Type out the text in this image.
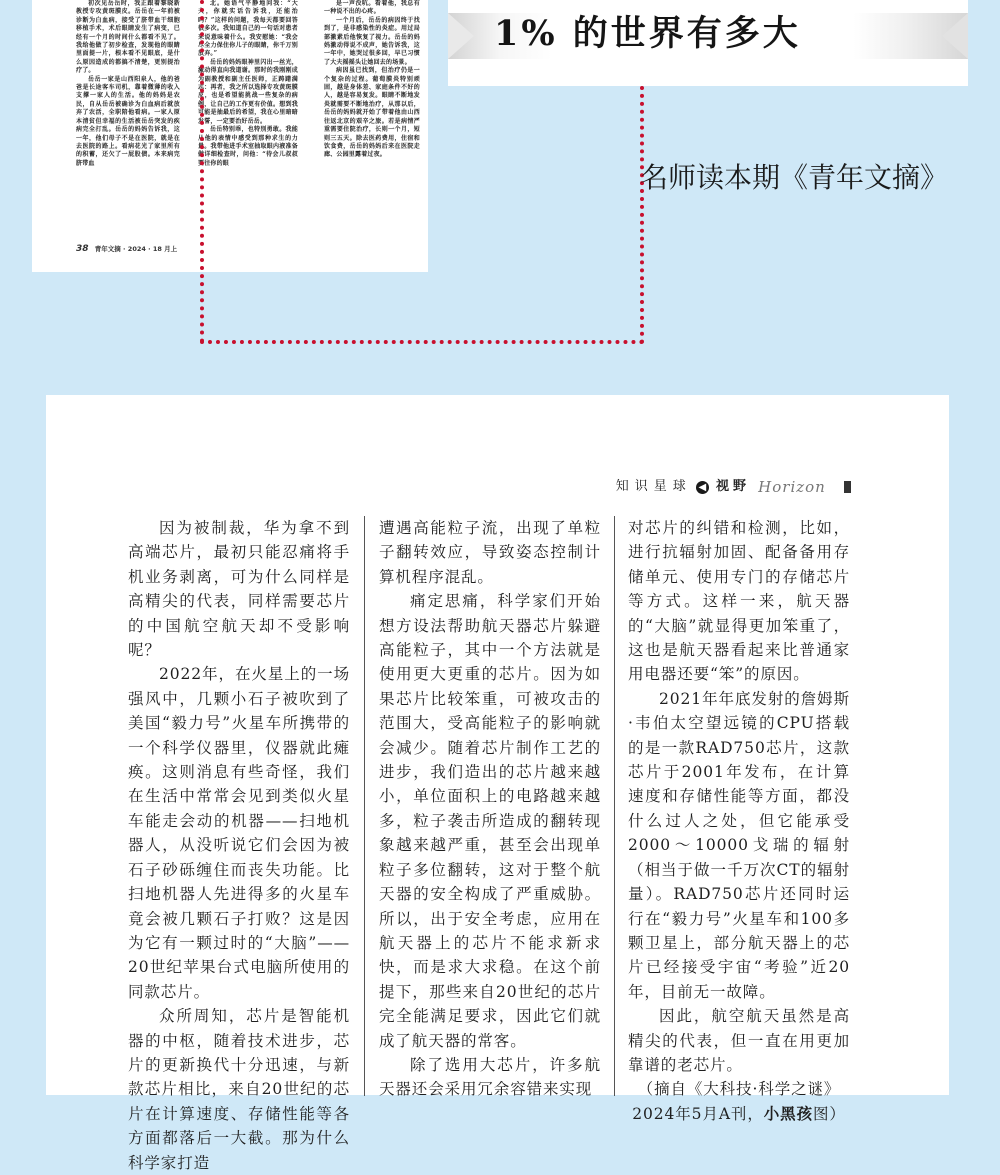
初次见岳岳时，我正跟着黎晓新教授专攻黄斑膜皮。岳岳在一年前被诊断为白血病，接受了脐带血干细胞移植手术，术后眼睛发生了病变，已经有一个月的时间什么都看不见了。我给他做了初步检查，发现他的眼睛里面提一片，根本看不见眼底，是什么原因造成的都搞不清楚，更别提治疗了。

岳岳一家是山西阳泉人，他的爸爸是长途客车司机，靠着微薄的收入支撑一家人的生活。他的妈妈是农民，自从岳岳被确诊为白血病后就放弃了农活，全职陪他看病。一家人原本清贫但幸福的生活被岳岳突发的疾病完全打乱。岳岳的妈妈告诉我，这一年，他们母子不是在医院，就是在去医院的路上。看病花光了家里所有的积蓄，还欠了一屁股债。本来病完脐带血

北。她语气平静地问我：“大夫，你就实话告诉我，还能治吗？”这样的问题，我每天都要回答很多次。我知道自己的一句话对患者来说意味着什么。我安慰她：“我会尽全力保住你儿子的眼睛，你千万别放弃。”

岳岳的妈妈眼神里闪出一丝光，激动得直向我道谢。那时的我刚刚成为副教授和副主任医师，正踌躇满志：再者，我之所以选择专攻黄斑膜皮，也是希望能挑战一些复杂的病例，让自己的工作更有价值。想到我可能是抽最后的希望，我在心里暗暗发誓，一定要治好岳岳。

岳岳特别乖，也特别勇敢。我能从他的表情中感受到那种求生的力量。我带他进手术室抽取眼内液准备做详细检查时，问他：“待会儿叔叔要往你的眼

是一声没吭。看着他，我总有一种说不出的心疼。

一个月后，岳岳的病因终于找到了，是非感染性的炎症。用过局部激素后他恢复了视力。岳岳的妈妈激动得说不成声，她告诉我，这一年中，她哭过很多回，早已习惯了大夫摇摇头让她回去的场景。

病因虽已找到，但治疗仍是一个复杂的过程。葡萄膜炎特别顽固，越是身体差、家庭条件不好的人，越是容易复发。眼睛不断地发炎就需要不断地治疗，从那以后，岳岳的妈妈就开始了带着他由山西往返北京的艰辛之旅。若是病情严重需要住院治疗，长则一个月，短则三五天。除去医药费用，住宿和饮食费，岳岳的妈妈后来在医院走廊、公园里露着过夜。

38 青年文摘 · 2024 · 18 月上
1% 的世界有多大
名师读本期《青年文摘》
知识星球 ◀ 视野 Horizon

因为被制裁，华为拿不到高端芯片，最初只能忍痛将手机业务剥离，可为什么同样是高精尖的代表，同样需要芯片的中国航空航天却不受影响呢？

2022年，在火星上的一场强风中，几颗小石子被吹到了美国“毅力号”火星车所携带的一个科学仪器里，仪器就此瘫痪。这则消息有些奇怪，我们在生活中常常会见到类似火星车能走会动的机器——扫地机器人，从没听说它们会因为被石子砂砾缠住而丧失功能。比扫地机器人先进得多的火星车竟会被几颗石子打败？这是因为它有一颗过时的“大脑”——20世纪苹果台式电脑所使用的同款芯片。

众所周知，芯片是智能机器的中枢，随着技术进步，芯片的更新换代十分迅速，与新款芯片相比，来自20世纪的芯片在计算速度、存储性能等各方面都落后一大截。那为什么科学家打造

遭遇高能粒子流，出现了单粒子翻转效应，导致姿态控制计算机程序混乱。

痛定思痛，科学家们开始想方设法帮助航天器芯片躲避高能粒子，其中一个方法就是使用更大更重的芯片。因为如果芯片比较笨重，可被攻击的范围大，受高能粒子的影响就会减少。随着芯片制作工艺的进步，我们造出的芯片越来越小，单位面积上的电路越来越多，粒子袭击所造成的翻转现象越来越严重，甚至会出现单粒子多位翻转，这对于整个航天器的安全构成了严重威胁。所以，出于安全考虑，应用在航天器上的芯片不能求新求快，而是求大求稳。在这个前提下，那些来自20世纪的芯片完全能满足要求，因此它们就成了航天器的常客。

除了选用大芯片，许多航天器还会采用冗余容错来实现

对芯片的纠错和检测，比如，进行抗辐射加固、配备备用存储单元、使用专门的存储芯片等方式。这样一来，航天器的“大脑”就显得更加笨重了，这也是航天器看起来比普通家用电器还要“笨”的原因。

2021年年底发射的詹姆斯·韦伯太空望远镜的CPU搭载的是一款RAD750芯片，这款芯片于2001年发布，在计算速度和存储性能等方面，都没什么过人之处，但它能承受2000～10000戈瑞的辐射（相当于做一千万次CT的辐射量）。RAD750芯片还同时运行在“毅力号”火星车和100多颗卫星上，部分航天器上的芯片已经接受宇宙“考验”近20年，目前无一故障。

因此，航空航天虽然是高精尖的代表，但一直在用更加靠谱的老芯片。

（摘自《大科技·科学之谜》

2024年5月A刊，小黑孩图）
